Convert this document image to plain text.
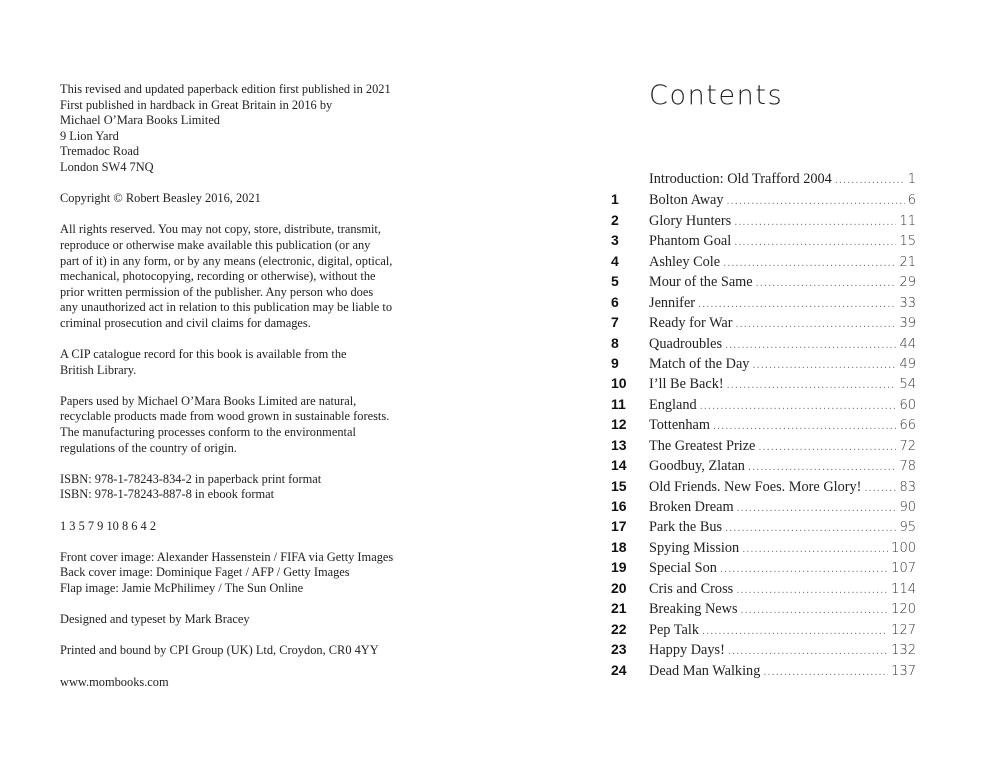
This revised and updated paperback edition first published in 2021
First published in hardback in Great Britain in 2016 by
Michael O’Mara Books Limited
9 Lion Yard
Tremadoc Road
London SW4 7NQ

Copyright © Robert Beasley 2016, 2021

All rights reserved. You may not copy, store, distribute, transmit,
reproduce or otherwise make available this publication (or any
part of it) in any form, or by any means (electronic, digital, optical,
mechanical, photocopying, recording or otherwise), without the
prior written permission of the publisher. Any person who does
any unauthorized act in relation to this publication may be liable to
criminal prosecution and civil claims for damages.

A CIP catalogue record for this book is available from the
British Library.

Papers used by Michael O’Mara Books Limited are natural,
recyclable products made from wood grown in sustainable forests.
The manufacturing processes conform to the environmental
regulations of the country of origin.

ISBN: 978-1-78243-834-2 in paperback print format
ISBN: 978-1-78243-887-8 in ebook format

1 3 5 7 9 10 8 6 4 2

Front cover image: Alexander Hassenstein / FIFA via Getty Images
Back cover image: Dominique Faget / AFP / Getty Images
Flap image: Jamie McPhilimey / The Sun Online

Designed and typeset by Mark Bracey

Printed and bound by CPI Group (UK) Ltd, Croydon, CR0 4YY

www.mombooks.com

Contents
Introduction: Old Trafford 2004 . . .	1
1	Bolton Away . . .	6
2	Glory Hunters . . .	11
3	Phantom Goal . . .	15
4	Ashley Cole . . .	21
5	Mour of the Same . . .	29
6	Jennifer . . .	33
7	Ready for War . . .	39
8	Quadroubles . . .	44
9	Match of the Day . . .	49
10	I’ll Be Back! . . .	54
11	England . . .	60
12	Tottenham . . .	66
13	The Greatest Prize . . .	72
14	Goodbuy, Zlatan . . .	78
15	Old Friends. New Foes. More Glory! . . .	83
16	Broken Dream . . .	90
17	Park the Bus . . .	95
18	Spying Mission . . .	100
19	Special Son . . .	107
20	Cris and Cross . . .	114
21	Breaking News . . .	120
22	Pep Talk . . .	127
23	Happy Days! . . .	132
24	Dead Man Walking . . .	137
